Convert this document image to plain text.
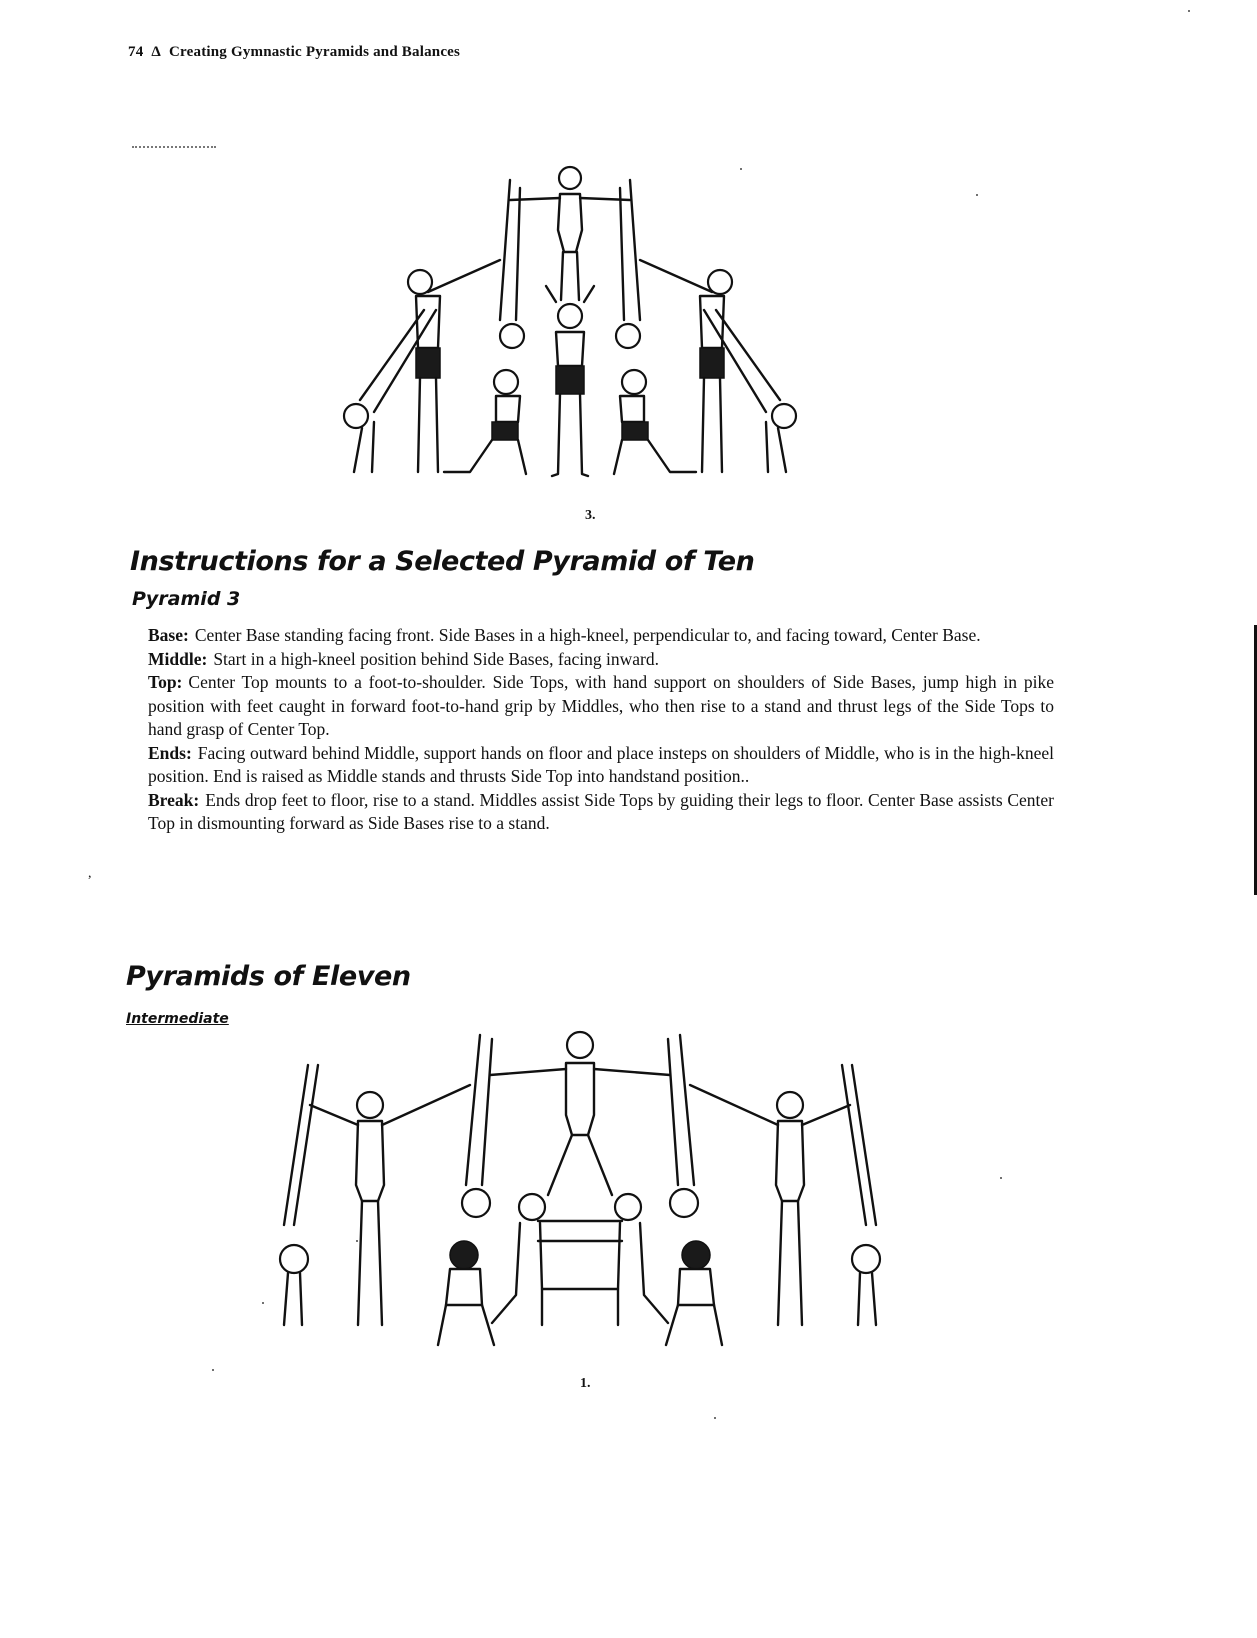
74 Δ Creating Gymnastic Pyramids and Balances
3.
Instructions for a Selected Pyramid of Ten
Pyramid 3

Base: Center Base standing facing front. Side Bases in a high-kneel, perpendicular to, and facing toward, Center Base.

Middle: Start in a high-kneel position behind Side Bases, facing inward.

Top: Center Top mounts to a foot-to-shoulder. Side Tops, with hand support on shoulders of Side Bases, jump high in pike position with feet caught in forward foot-to-hand grip by Middles, who then rise to a stand and thrust legs of the Side Tops to hand grasp of Center Top.

Ends: Facing outward behind Middle, support hands on floor and place insteps on shoulders of Middle, who is in the high-kneel position. End is raised as Middle stands and thrusts Side Top into handstand position..

Break: Ends drop feet to floor, rise to a stand. Middles assist Side Tops by guiding their legs to floor. Center Base assists Center Top in dismounting forward as Side Bases rise to a stand.

,
Pyramids of Eleven
Intermediate
1.
